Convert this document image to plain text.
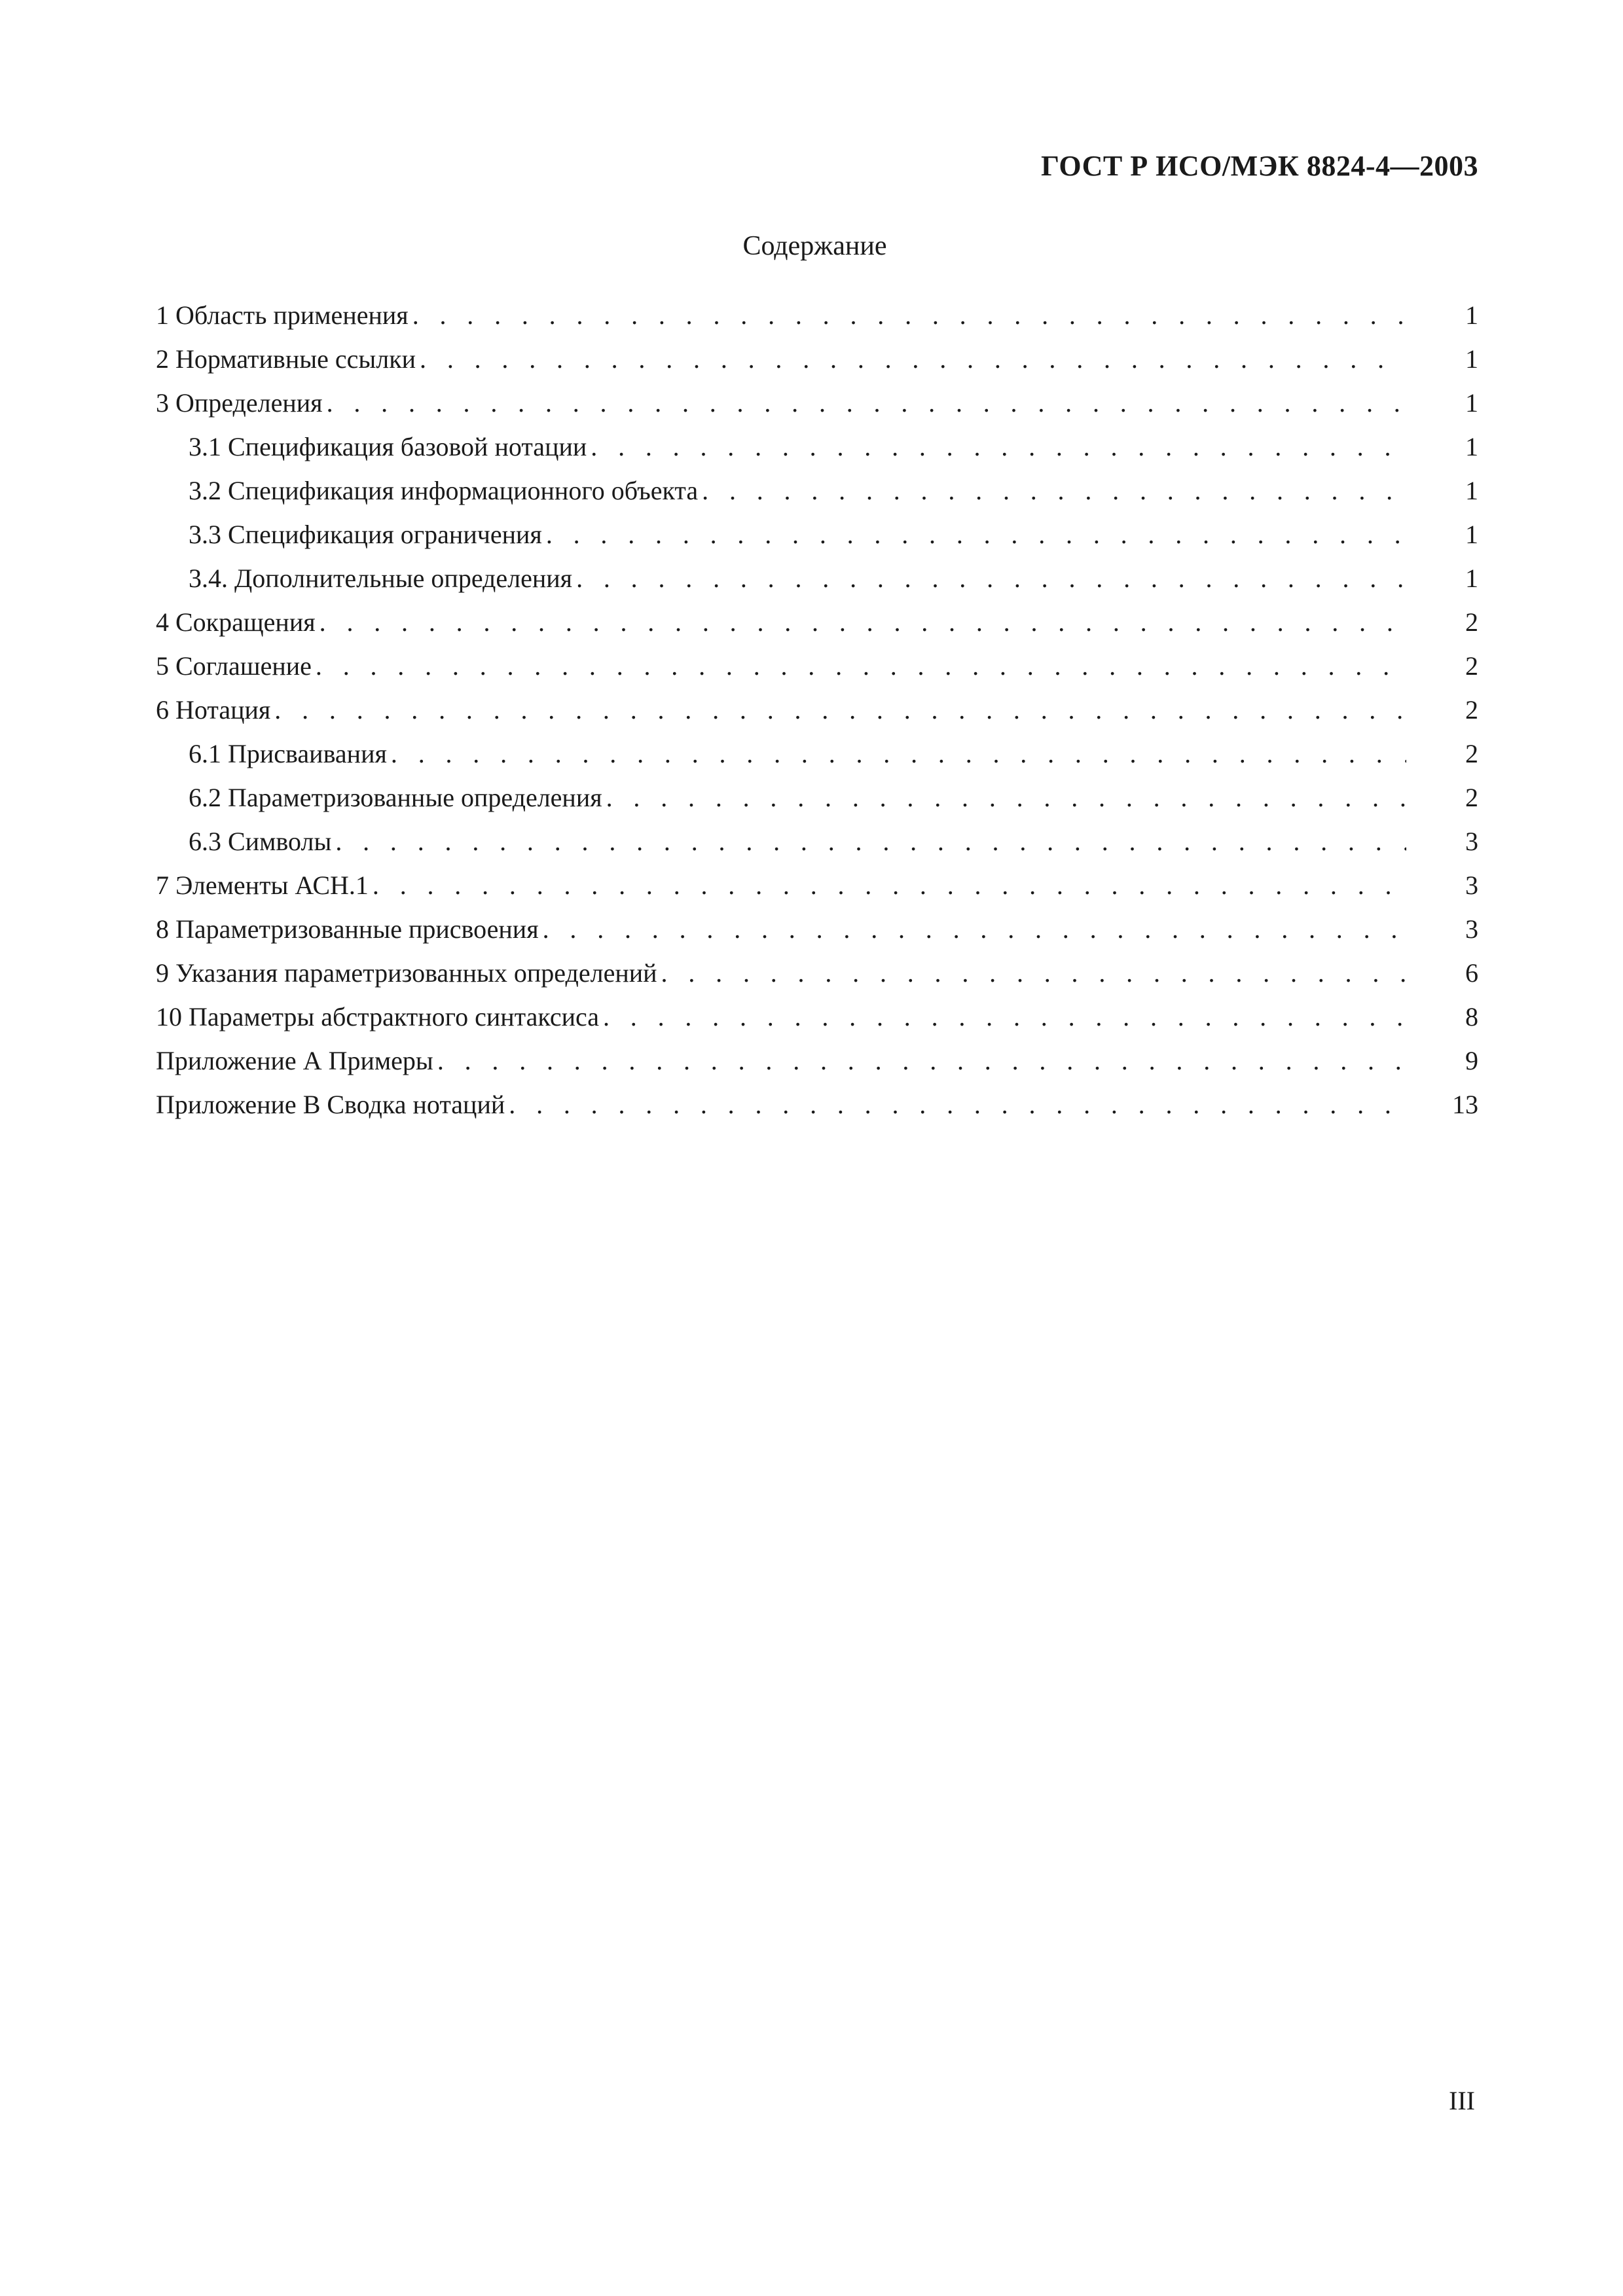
ГОСТ Р ИСО/МЭК 8824-4—2003
Содержание
1 Область применения . . .	1
2 Нормативные ссылки . . .	1
3 Определения . . .	1
3.1 Спецификация базовой нотации . . .	1
3.2 Спецификация информационного объекта . . .	1
3.3 Спецификация ограничения . . .	1
3.4. Дополнительные определения . . .	1
4 Сокращения . . .	2
5 Соглашение . . .	2
6 Нотация . . .	2
6.1 Присваивания . . .	2
6.2 Параметризованные определения . . .	2
6.3 Символы . . .	3
7 Элементы АСН.1 . . .	3
8 Параметризованные присвоения . . .	3
9 Указания параметризованных определений . . .	6
10 Параметры абстрактного синтаксиса . . .	8
Приложение А Примеры . . .	9
Приложение В Сводка нотаций . . .	13
III
